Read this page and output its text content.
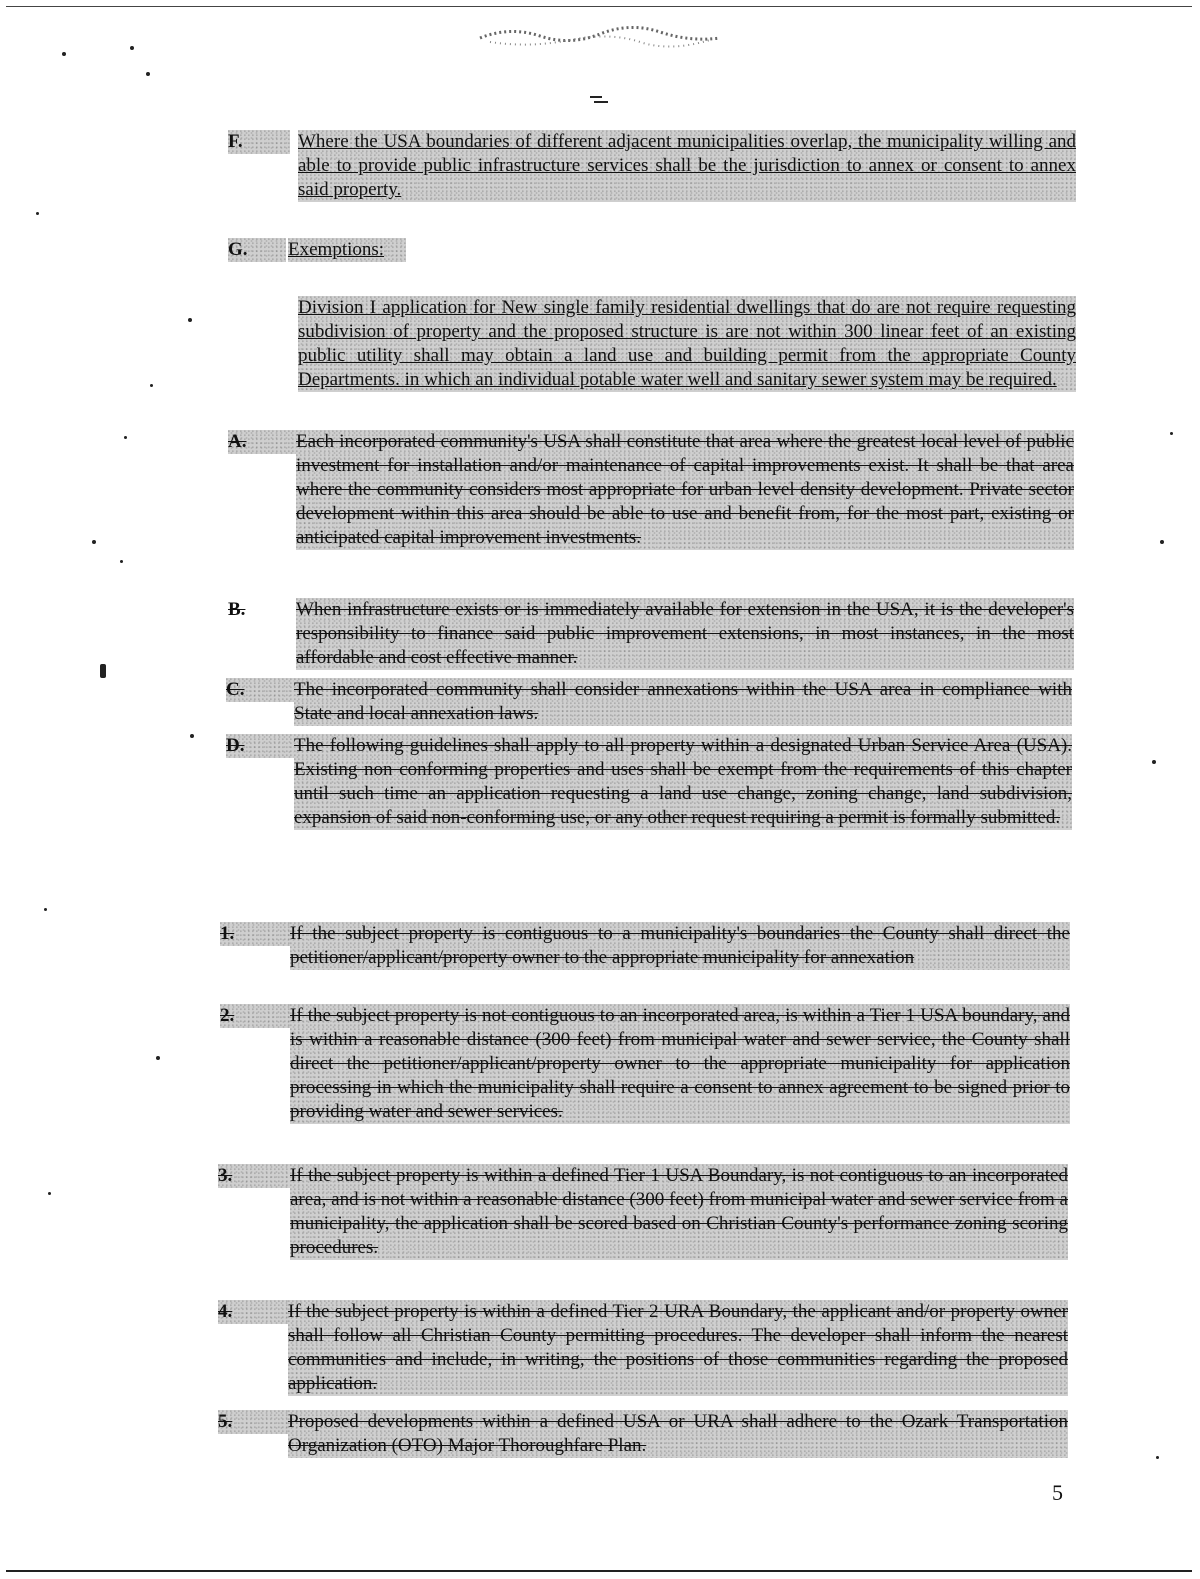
F.	Where the USA boundaries of different adjacent municipalities overlap, the municipality willing and able to provide public infrastructure services shall be the jurisdiction to annex or consent to annex said property.

G.	Exemptions:

Division I application for New single family residential dwellings that do are not require requesting subdivision of property and the proposed structure is are not within 300 linear feet of an existing public utility shall may obtain a land use and building permit from the appropriate County Departments. in which an individual potable water well and sanitary sewer system may be required.

A.	Each incorporated community's USA shall constitute that area where the greatest local level of public investment for installation and/or maintenance of capital improvements exist. It shall be that area where the community considers most appropriate for urban level density development. Private sector development within this area should be able to use and benefit from, for the most part, existing or anticipated capital improvement investments.

B.	When infrastructure exists or is immediately available for extension in the USA, it is the developer's responsibility to finance said public improvement extensions, in most instances, in the most affordable and cost effective manner.

C.	The incorporated community shall consider annexations within the USA area in compliance with State and local annexation laws.

D.	The following guidelines shall apply to all property within a designated Urban Service Area (USA). Existing non conforming properties and uses shall be exempt from the requirements of this chapter until such time an application requesting a land use change, zoning change, land subdivision, expansion of said non-conforming use, or any other request requiring a permit is formally submitted.

1.	If the subject property is contiguous to a municipality's boundaries the County shall direct the petitioner/applicant/property owner to the appropriate municipality for annexation

2.	If the subject property is not contiguous to an incorporated area, is within a Tier 1 USA boundary, and is within a reasonable distance (300 feet) from municipal water and sewer service, the County shall direct the petitioner/applicant/property owner to the appropriate municipality for application processing in which the municipality shall require a consent to annex agreement to be signed prior to providing water and sewer services.

3.	If the subject property is within a defined Tier 1 USA Boundary, is not contiguous to an incorporated area, and is not within a reasonable distance (300 feet) from municipal water and sewer service from a municipality, the application shall be scored based on Christian County's performance zoning scoring procedures.

4.	If the subject property is within a defined Tier 2 URA Boundary, the applicant and/or property owner shall follow all Christian County permitting procedures. The developer shall inform the nearest communities and include, in writing, the positions of those communities regarding the proposed application.

5.	Proposed developments within a defined USA or URA shall adhere to the Ozark Transportation Organization (OTO) Major Thoroughfare Plan.

5
